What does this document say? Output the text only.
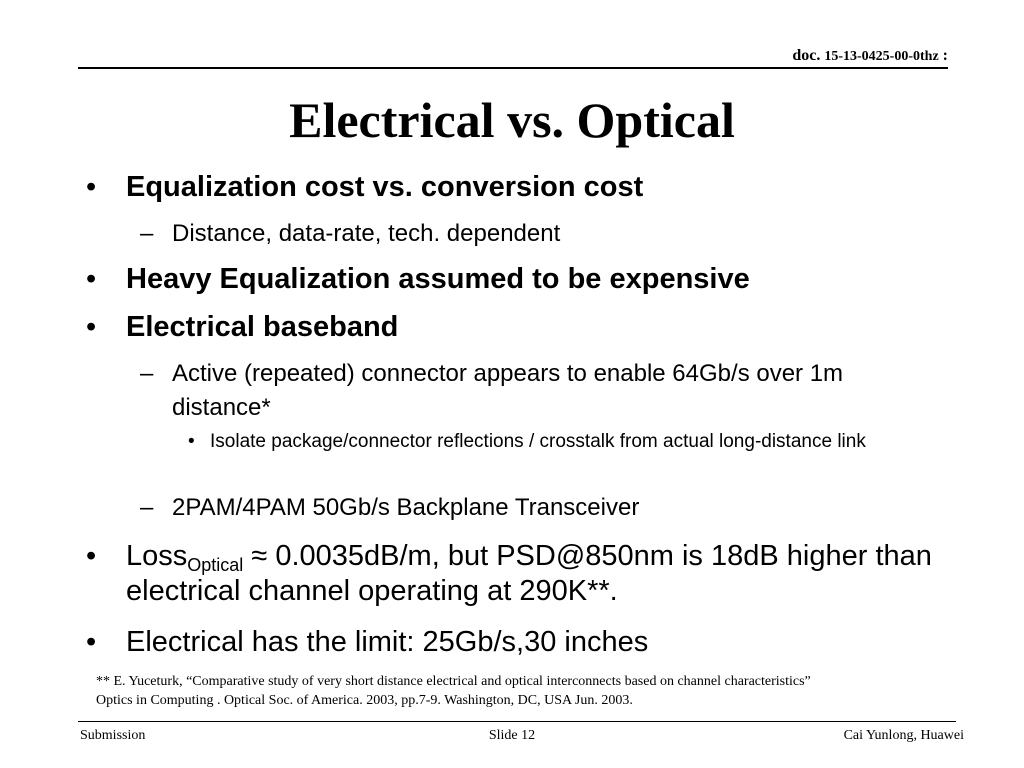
doc. 15-13-0425-00-0thz :
Electrical vs. Optical
• Equalization cost vs. conversion cost
– Distance, data-rate, tech. dependent
• Heavy Equalization assumed to be expensive
• Electrical baseband
– Active (repeated) connector appears to enable 64Gb/s over 1m distance*
• Isolate package/connector reflections / crosstalk from actual long-distance link
– 2PAM/4PAM 50Gb/s Backplane Transceiver
• Loss$_{Optical}$ ≈ 0.0035dB/m, but PSD@850nm is 18dB higher than electrical channel operating at 290K**.
• Electrical has the limit: 25Gb/s,30 inches
** E. Yuceturk, “Comparative study of very short distance electrical and optical interconnects based on channel characteristics”
Optics in Computing . Optical Soc. of America. 2003, pp.7-9. Washington, DC, USA Jun. 2003.
Submission	Slide 12	Cai Yunlong, Huawei
